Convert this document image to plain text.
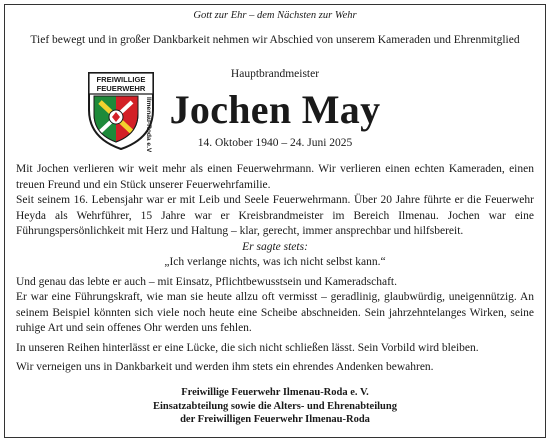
Gott zur Ehr – dem Nächsten zur Wehr
Tief bewegt und in großer Dankbarkeit nehmen wir Abschied von unserem Kameraden und Ehrenmitglied
FREIWILLIGE
FEUERWEHR
Ilmenau-Roda e.V.
Hauptbrandmeister
Jochen May
14. Oktober 1940 – 24. Juni 2025

Mit Jochen verlieren wir weit mehr als einen Feuerwehrmann. Wir verlieren einen echten Kameraden, einen treuen Freund und ein Stück unserer Feuerwehrfamilie.

Seit seinem 16. Lebensjahr war er mit Leib und Seele Feuerwehrmann. Über 20 Jahre führte er die Feuerwehr Heyda als Wehrführer, 15 Jahre war er Kreisbrandmeister im Bereich Ilmenau. Jochen war eine Führungspersönlichkeit mit Herz und Haltung – klar, gerecht, immer ansprechbar und hilfsbereit.

Er sagte stets:

„Ich verlange nichts, was ich nicht selbst kann.“

Und genau das lebte er auch – mit Einsatz, Pflichtbewusstsein und Kameradschaft.

Er war eine Führungskraft, wie man sie heute allzu oft vermisst – geradlinig, glaubwürdig, uneigennützig. An seinem Beispiel könnten sich viele noch heute eine Scheibe abschneiden. Sein jahrzehntelanges Wirken, seine ruhige Art und sein offenes Ohr werden uns fehlen.

In unseren Reihen hinterlässt er eine Lücke, die sich nicht schließen lässt. Sein Vorbild wird bleiben.

Wir verneigen uns in Dankbarkeit und werden ihm stets ein ehrendes Andenken bewahren.

Freiwillige Feuerwehr Ilmenau-Roda e. V.
Einsatzabteilung sowie die Alters- und Ehrenabteilung
der Freiwilligen Feuerwehr Ilmenau-Roda
